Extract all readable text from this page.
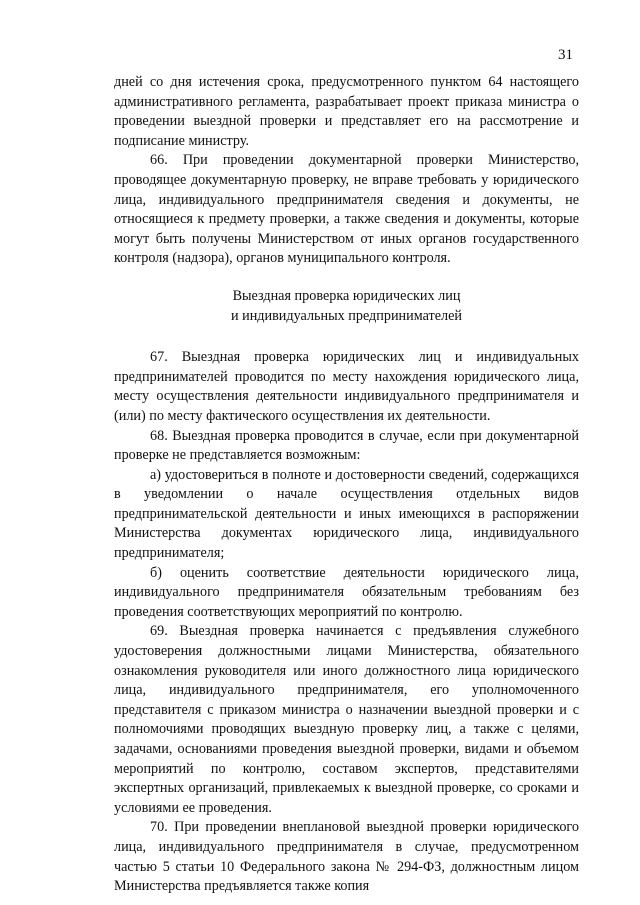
31

дней со дня истечения срока, предусмотренного пунктом 64 настоящего административного регламента, разрабатывает проект приказа министра о проведении выездной проверки и представляет его на рассмотрение и подписание министру.

66. При проведении документарной проверки Министерство, проводящее документарную проверку, не вправе требовать у юридического лица, индивидуального предпринимателя сведения и документы, не относящиеся к предмету проверки, а также сведения и документы, которые могут быть получены Министерством от иных органов государственного контроля (надзора), органов муниципального контроля.

Выездная проверка юридических лиц
и индивидуальных предпринимателей

67. Выездная проверка юридических лиц и индивидуальных предпринимателей проводится по месту нахождения юридического лица, месту осуществления деятельности индивидуального предпринимателя и (или) по месту фактического осуществления их деятельности.

68. Выездная проверка проводится в случае, если при документарной проверке не представляется возможным:

а) удостовериться в полноте и достоверности сведений, содержащихся в уведомлении о начале осуществления отдельных видов предпринимательской деятельности и иных имеющихся в распоряжении Министерства документах юридического лица, индивидуального предпринимателя;

б) оценить соответствие деятельности юридического лица, индивидуального предпринимателя обязательным требованиям без проведения соответствующих мероприятий по контролю.

69. Выездная проверка начинается с предъявления служебного удостоверения должностными лицами Министерства, обязательного ознакомления руководителя или иного должностного лица юридического лица, индивидуального предпринимателя, его уполномоченного представителя с приказом министра о назначении выездной проверки и с полномочиями проводящих выездную проверку лиц, а также с целями, задачами, основаниями проведения выездной проверки, видами и объемом мероприятий по контролю, составом экспертов, представителями экспертных организаций, привлекаемых к выездной проверке, со сроками и условиями ее проведения.

70. При проведении внеплановой выездной проверки юридического лица, индивидуального предпринимателя в случае, предусмотренном частью 5 статьи 10 Федерального закона № 294-ФЗ, должностным лицом Министерства предъявляется также копия
